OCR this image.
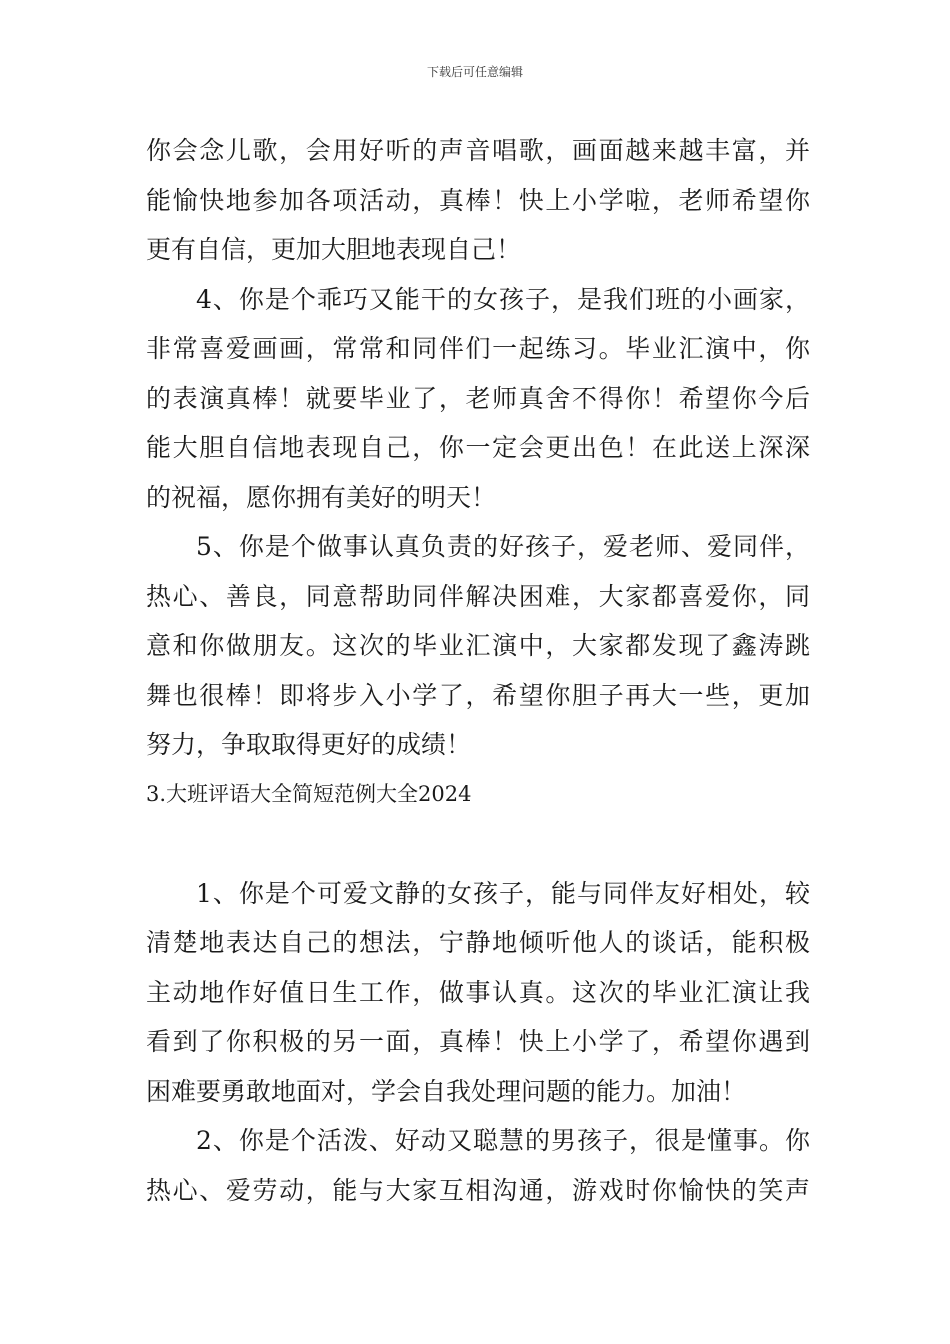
下载后可任意编辑
你会念儿歌，会用好听的声音唱歌，画面越来越丰富，并
能愉快地参加各项活动，真棒！快上小学啦，老师希望你
更有自信，更加大胆地表现自己！
4、你是个乖巧又能干的女孩子，是我们班的小画家，
非常喜爱画画，常常和同伴们一起练习。毕业汇演中，你
的表演真棒！就要毕业了，老师真舍不得你！希望你今后
能大胆自信地表现自己，你一定会更出色！在此送上深深
的祝福，愿你拥有美好的明天！
5、你是个做事认真负责的好孩子，爱老师、爱同伴，
热心、善良，同意帮助同伴解决困难，大家都喜爱你，同
意和你做朋友。这次的毕业汇演中，大家都发现了鑫涛跳
舞也很棒！即将步入小学了，希望你胆子再大一些，更加
努力，争取取得更好的成绩！
3.大班评语大全简短范例大全2024
1、你是个可爱文静的女孩子，能与同伴友好相处，较
清楚地表达自己的想法，宁静地倾听他人的谈话，能积极
主动地作好值日生工作，做事认真。这次的毕业汇演让我
看到了你积极的另一面，真棒！快上小学了，希望你遇到
困难要勇敢地面对，学会自我处理问题的能力。加油！
2、你是个活泼、好动又聪慧的男孩子，很是懂事。你
热心、爱劳动，能与大家互相沟通，游戏时你愉快的笑声
